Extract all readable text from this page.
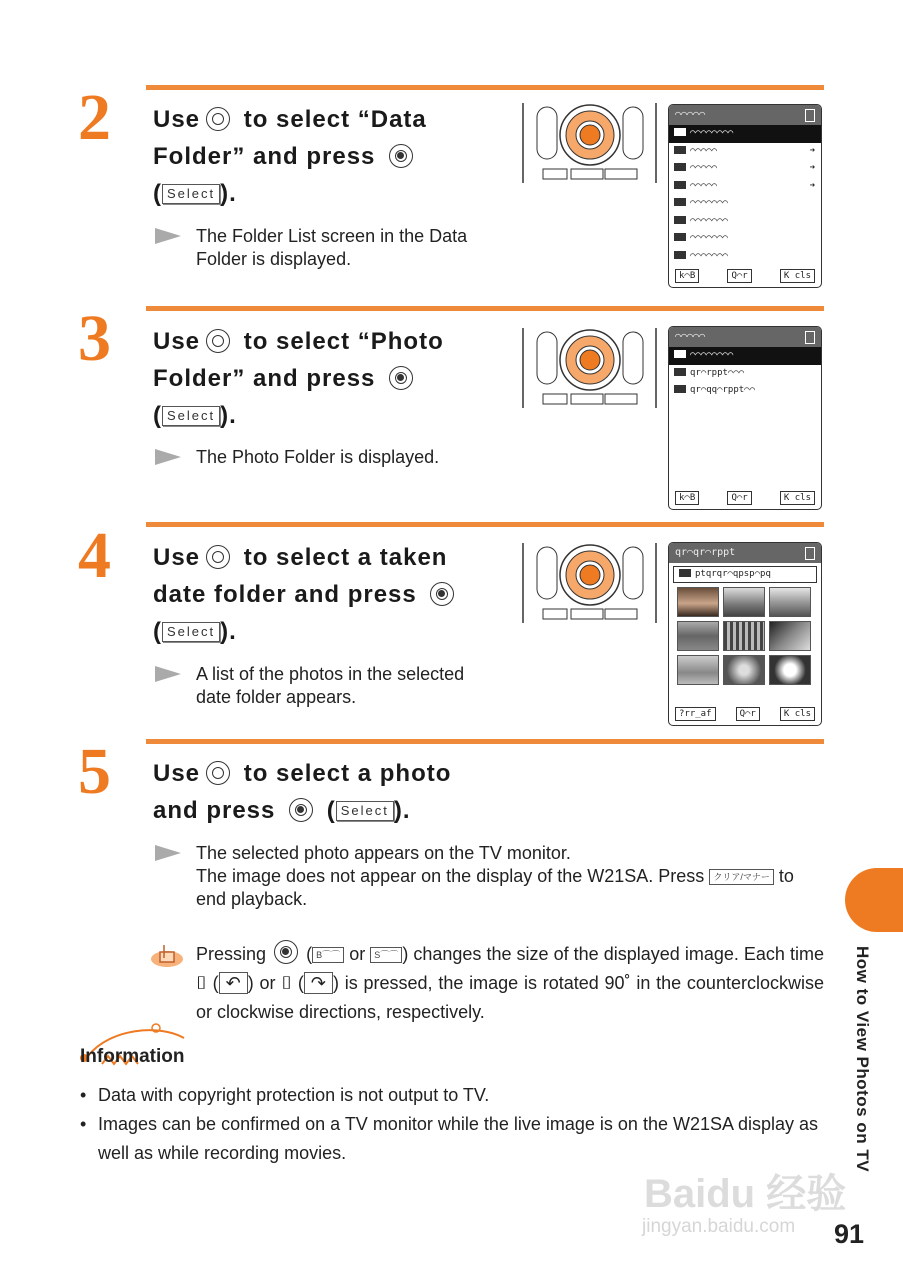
2 Use to select “Data Folder” and press
( Select ).
The Folder List screen in the Data Folder is displayed.
⌒⌒⌒⌒⌒
⌒⌒⌒⌒⌒⌒⌒⌒
⌒⌒⌒⌒⌒	➜
⌒⌒⌒⌒⌒	➜
⌒⌒⌒⌒⌒	➜
⌒⌒⌒⌒⌒⌒⌒
⌒⌒⌒⌒⌒⌒⌒
⌒⌒⌒⌒⌒⌒⌒
⌒⌒⌒⌒⌒⌒⌒
k⌒B	Q⌒r	K cls
3 Use to select “Photo Folder” and press
( Select ).
The Photo Folder is displayed.
⌒⌒⌒⌒⌒
⌒⌒⌒⌒⌒⌒⌒⌒
qr⌒rppt⌒⌒⌒
qr⌒qq⌒rppt⌒⌒
k⌒B	Q⌒r	K cls
4 Use to select a taken date folder and press
( Select ).
A list of the photos in the selected date folder appears.
qr⌒qr⌒rppt
ptqrqr⌒qpsp⌒pq
?rr_af	Q⌒r	K cls
5 Use to select a photo and press  ( Select ).
The selected photo appears on the TV monitor.
The image does not appear on the display of the W21SA. Press クリア/マナー to end playback.
Pressing  ( B⌒⌒ or S⌒⌒ ) changes the size of the displayed image. Each time ⌷ ( ↶ ) or ⌷ ( ↷ ) is pressed, the image is rotated 90˚ in the counterclockwise or clockwise directions, respectively.
Information
• Data with copyright protection is not output to TV.
• Images can be confirmed on a TV monitor while the live image is on the W21SA display as well as while recording movies.	How to View Photos on TV
Baidu 经验
jingyan.baidu.com 91
